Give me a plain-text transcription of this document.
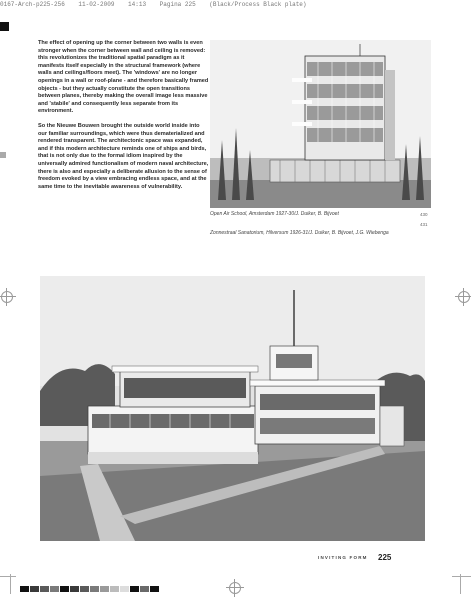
0167-Arch-p225-256 11-02-2009 14:13 Pagina 225 (Black/Process Black plate)

The effect of opening up the corner between two walls is even stronger when the corner between wall and ceiling is removed: this revolutionizes the traditional spatial paradigm as it manifests itself especially in the structural framework (where walls and ceilings/floors meet). The 'windows' are no longer openings in a wall or roof-plane - and therefore basically framed objects - but they actually constitute the open transitions between planes, thereby making the overall image less massive and 'stabile' and consequently less separate from its environment.

So the Nieuwe Bouwen brought the outside world inside into our familiar surroundings, which were thus dematerialized and rendered transparent. The architectonic space was expanded, and if this modern architecture reminds one of ships and birds, that is not only due to the formal idiom inspired by the universally admired functionalism of modern naval architecture, there is also and especially a deliberate allusion to the sense of freedom evoked by a view embracing endless space, and at the same time to the inevitable awareness of vulnerability.

Open Air School, Amsterdam 1927-30/J. Duiker, B. Bijvoet	430
431
Zonnestraal Sanatorium, Hilversum 1926-31/J. Duiker, B. Bijvoet, J.G. Wiebenga
INVITING FORM 225
